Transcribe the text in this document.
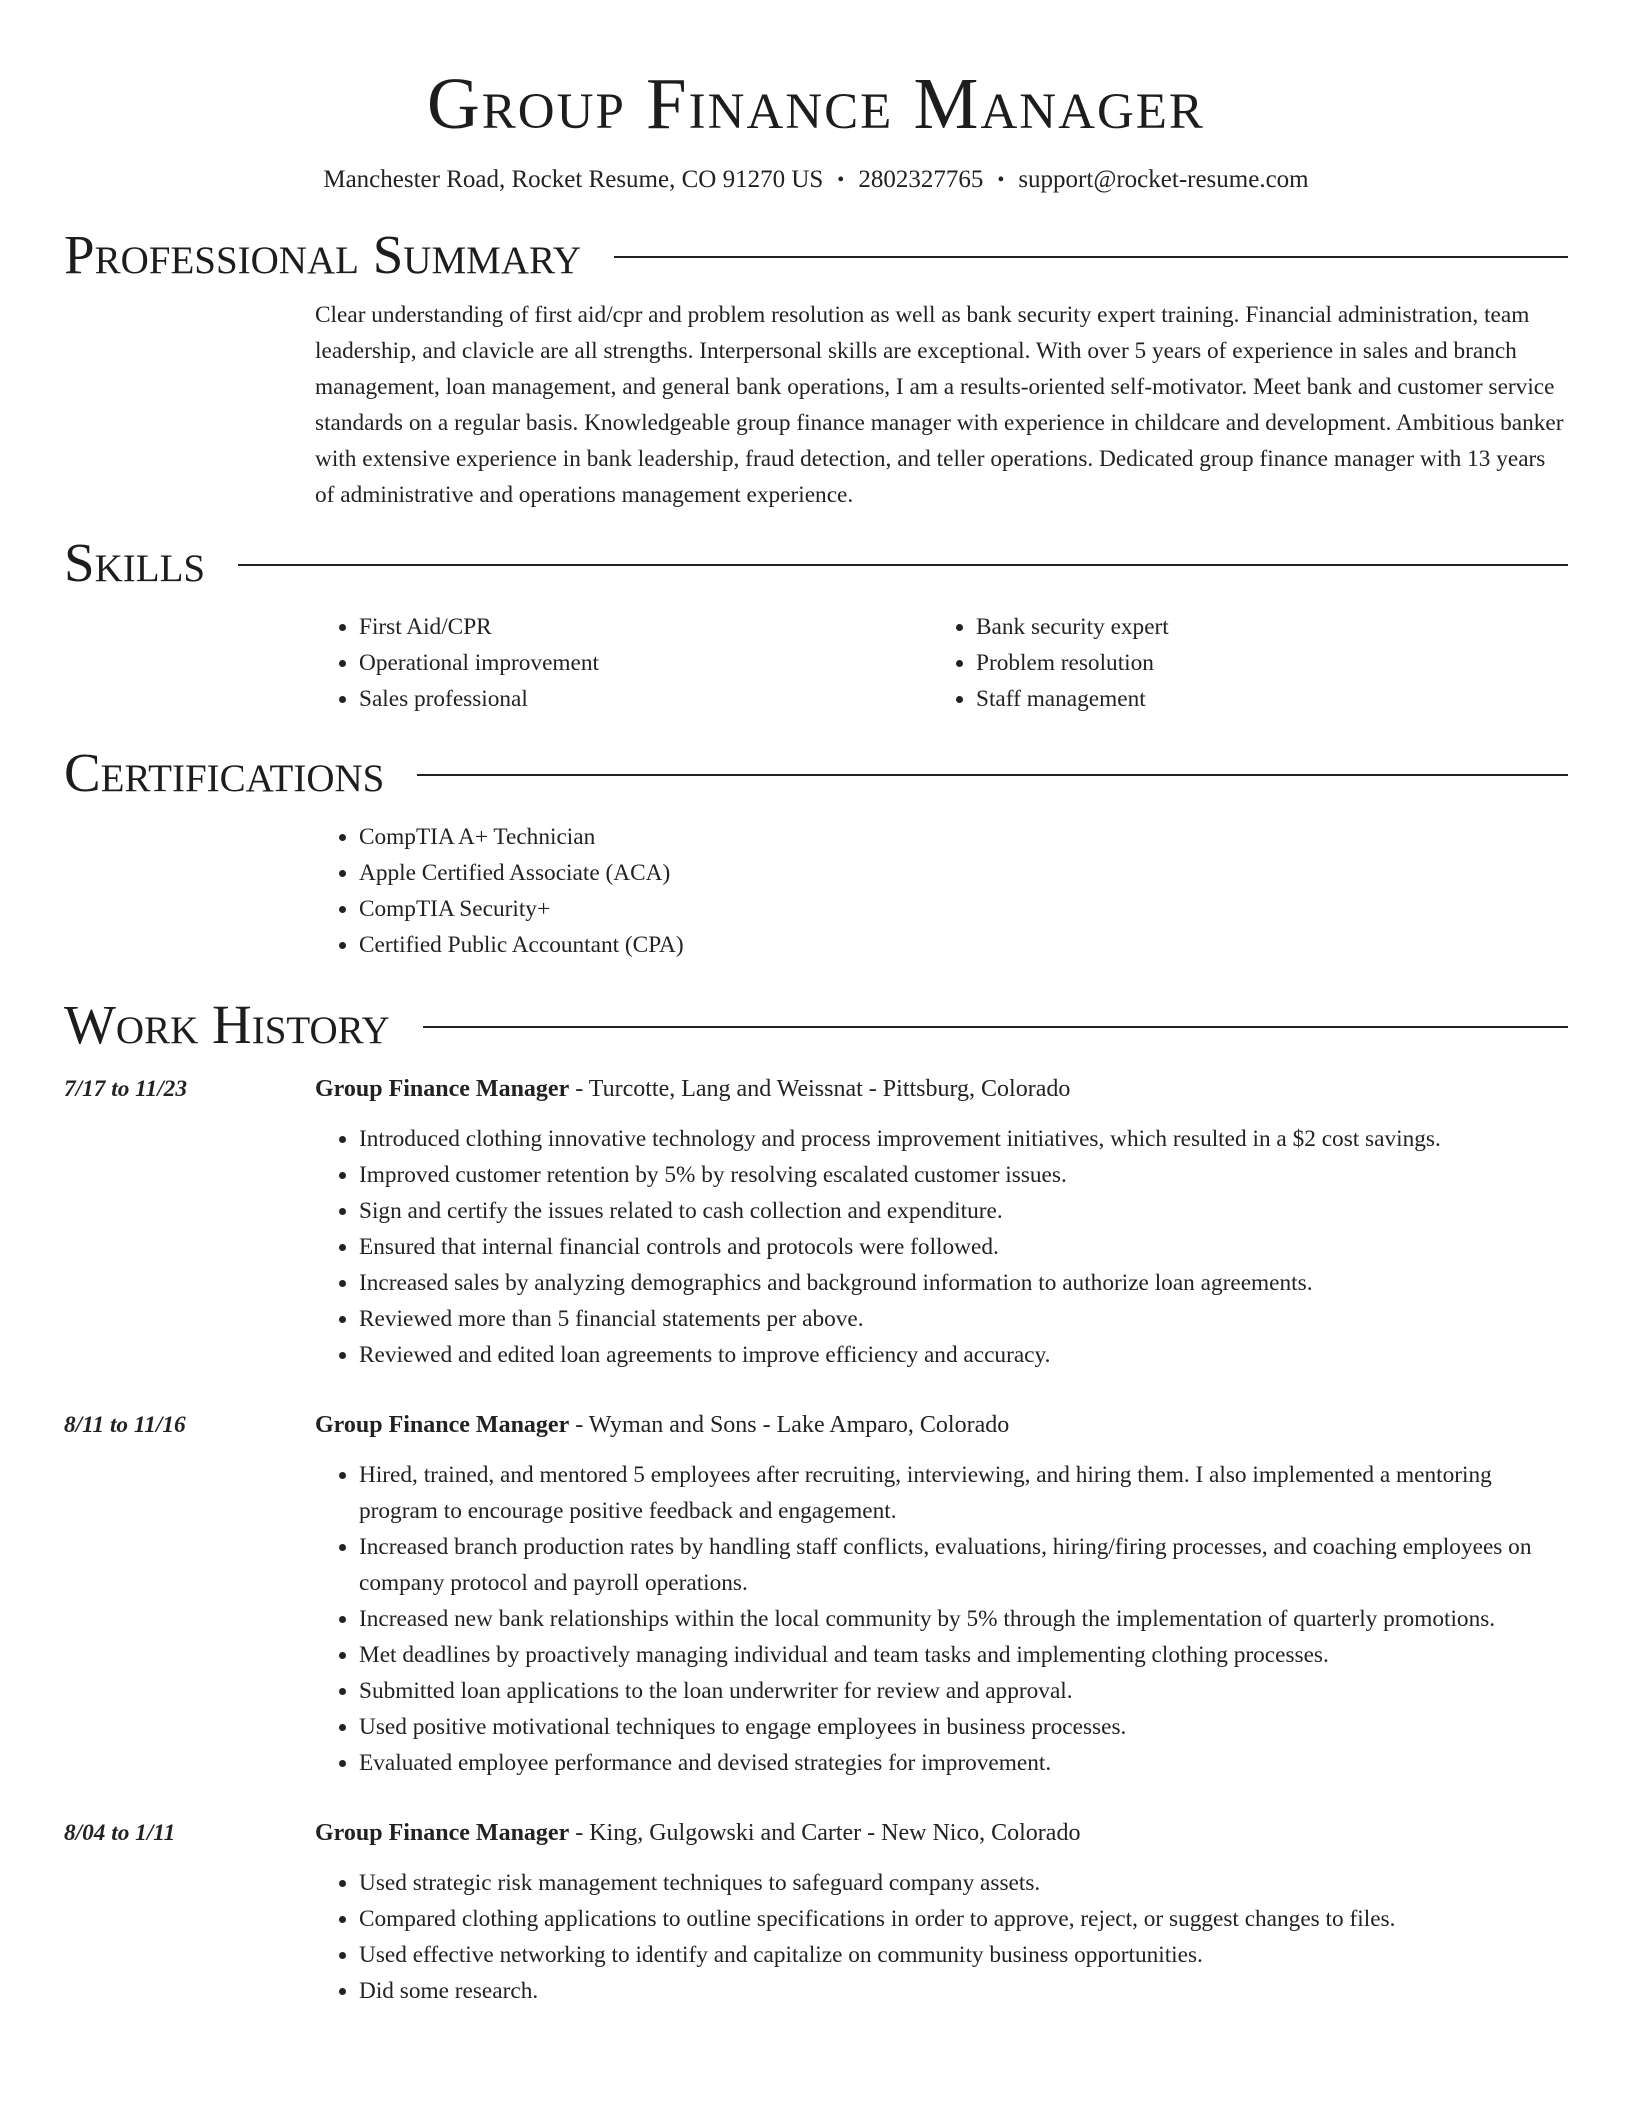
Group Finance Manager
Manchester Road, Rocket Resume, CO 91270 US • 2802327765 • support@rocket-resume.com
Professional Summary
Clear understanding of first aid/cpr and problem resolution as well as bank security expert training. Financial administration, team leadership, and clavicle are all strengths. Interpersonal skills are exceptional. With over 5 years of experience in sales and branch management, loan management, and general bank operations, I am a results-oriented self-motivator. Meet bank and customer service standards on a regular basis. Knowledgeable group finance manager with experience in childcare and development. Ambitious banker with extensive experience in bank leadership, fraud detection, and teller operations. Dedicated group finance manager with 13 years of administrative and operations management experience.
Skills
• First Aid/CPR
• Operational improvement
• Sales professional
• Bank security expert
• Problem resolution
• Staff management
Certifications
• CompTIA A+ Technician
• Apple Certified Associate (ACA)
• CompTIA Security+
• Certified Public Accountant (CPA)
Work History
7/17 to 11/23	Group Finance Manager - Turcotte, Lang and Weissnat - Pittsburg, Colorado
• Introduced clothing innovative technology and process improvement initiatives, which resulted in a $2 cost savings.
• Improved customer retention by 5% by resolving escalated customer issues.
• Sign and certify the issues related to cash collection and expenditure.
• Ensured that internal financial controls and protocols were followed.
• Increased sales by analyzing demographics and background information to authorize loan agreements.
• Reviewed more than 5 financial statements per above.
• Reviewed and edited loan agreements to improve efficiency and accuracy.
8/11 to 11/16	Group Finance Manager - Wyman and Sons - Lake Amparo, Colorado
• Hired, trained, and mentored 5 employees after recruiting, interviewing, and hiring them. I also implemented a mentoring program to encourage positive feedback and engagement.
• Increased branch production rates by handling staff conflicts, evaluations, hiring/firing processes, and coaching employees on company protocol and payroll operations.
• Increased new bank relationships within the local community by 5% through the implementation of quarterly promotions.
• Met deadlines by proactively managing individual and team tasks and implementing clothing processes.
• Submitted loan applications to the loan underwriter for review and approval.
• Used positive motivational techniques to engage employees in business processes.
• Evaluated employee performance and devised strategies for improvement.
8/04 to 1/11	Group Finance Manager - King, Gulgowski and Carter - New Nico, Colorado
• Used strategic risk management techniques to safeguard company assets.
• Compared clothing applications to outline specifications in order to approve, reject, or suggest changes to files.
• Used effective networking to identify and capitalize on community business opportunities.
• Did some research.
